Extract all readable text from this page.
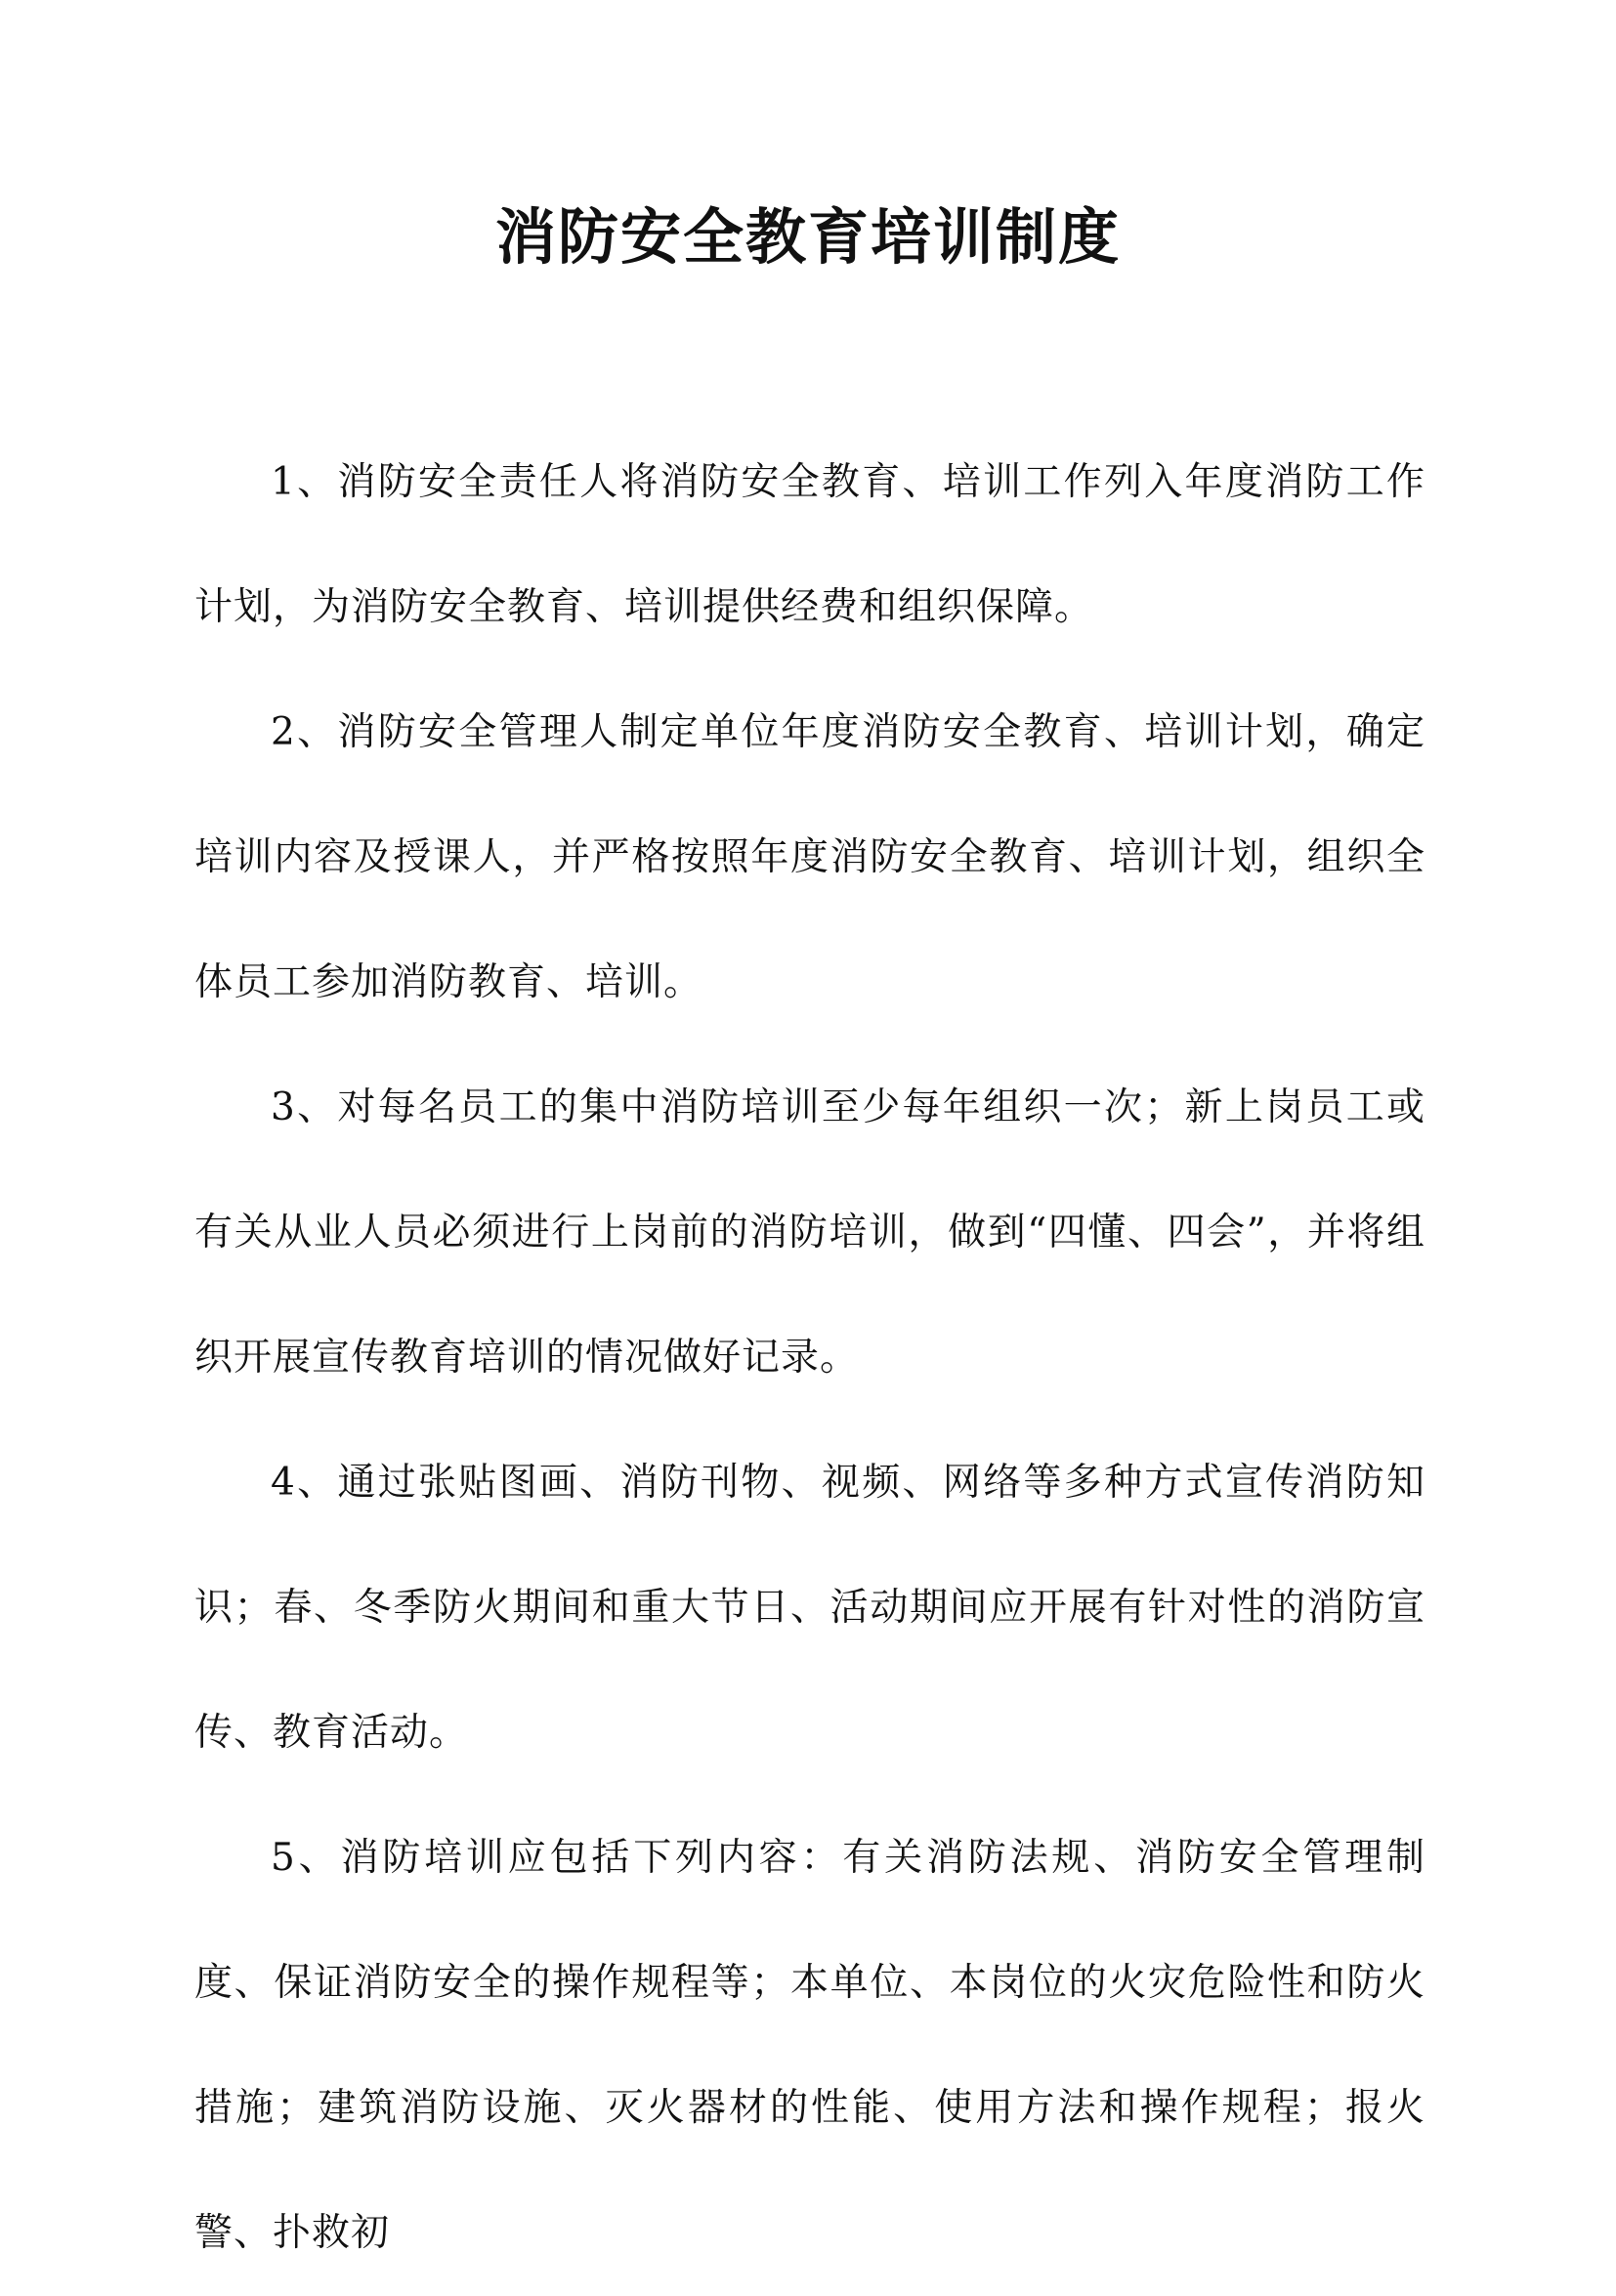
消防安全教育培训制度

1、消防安全责任人将消防安全教育、培训工作列入年度消防工作计划，为消防安全教育、培训提供经费和组织保障。

2、消防安全管理人制定单位年度消防安全教育、培训计划，确定培训内容及授课人，并严格按照年度消防安全教育、培训计划，组织全体员工参加消防教育、培训。

3、对每名员工的集中消防培训至少每年组织一次；新上岗员工或有关从业人员必须进行上岗前的消防培训，做到“四懂、四会”，并将组织开展宣传教育培训的情况做好记录。

4、通过张贴图画、消防刊物、视频、网络等多种方式宣传消防知识；春、冬季防火期间和重大节日、活动期间应开展有针对性的消防宣传、教育活动。

5、消防培训应包括下列内容：有关消防法规、消防安全管理制度、保证消防安全的操作规程等；本单位、本岗位的火灾危险性和防火措施；建筑消防设施、灭火器材的性能、使用方法和操作规程；报火警、扑救初
